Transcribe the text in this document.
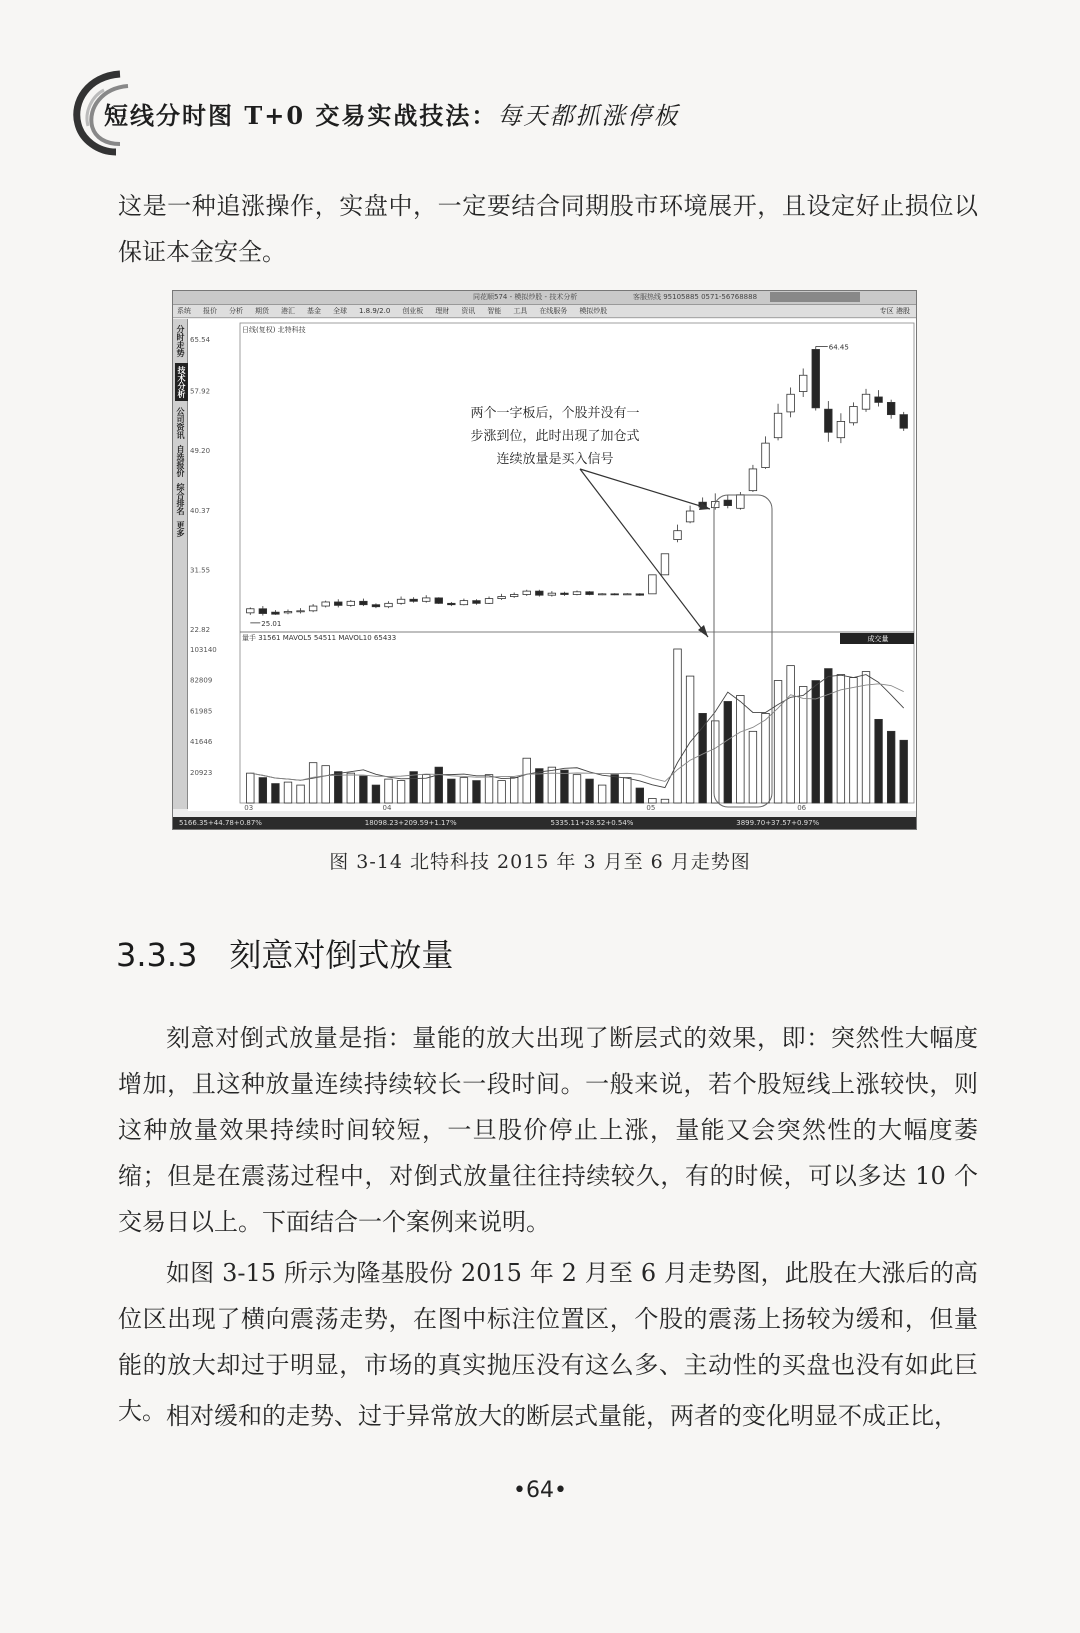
短线分时图 T+0 交易实战技法：每天都抓涨停板

这是一种追涨操作，实盘中，一定要结合同期股市环境展开，且设定好止损位以保证本金安全。

同花顺574 - 模拟炒股 - 技术分析	客服热线 95105885 0571-56768888
系统 报价 分析 期货 港汇 基金 全球 1.8.9/2.0 创业板 理财 资讯 智能 工具 在线服务 模拟炒股	专区 港股
分时走势
技术分析
公司资讯
自选报价
综合排名
更多
日线(复权) 北特科技
量手 31561 MAVOL5 54511 MAVOL10 65433	成交量
65.54
57.92
49.20
40.37
31.55
22.82
103140
82809
61985
41646
20923
03	04	05	06
两个一字板后，个股并没有一
步涨到位，此时出现了加仓式
连续放量是买入信号
64.45
25.01
5166.35+44.78+0.87%	18098.23+209.59+1.17%	5335.11+28.52+0.54%	3899.70+37.57+0.97%
图 3-14 北特科技 2015 年 3 月至 6 月走势图
3.3.3 刻意对倒式放量

刻意对倒式放量是指：量能的放大出现了断层式的效果，即：突然性大幅度增加，且这种放量连续持续较长一段时间。一般来说，若个股短线上涨较快，则这种放量效果持续时间较短，一旦股价停止上涨，量能又会突然性的大幅度萎缩；但是在震荡过程中，对倒式放量往往持续较久，有的时候，可以多达 10 个交易日以上。下面结合一个案例来说明。

如图 3-15 所示为隆基股份 2015 年 2 月至 6 月走势图，此股在大涨后的高位区出现了横向震荡走势，在图中标注位置区，个股的震荡上扬较为缓和，但量能的放大却过于明显，市场的真实抛压没有这么多、主动性的买盘也没有如此巨大。 相对缓和的走势、过于异常放大的断层式量能，两者的变化明显不成正比，

•64•
